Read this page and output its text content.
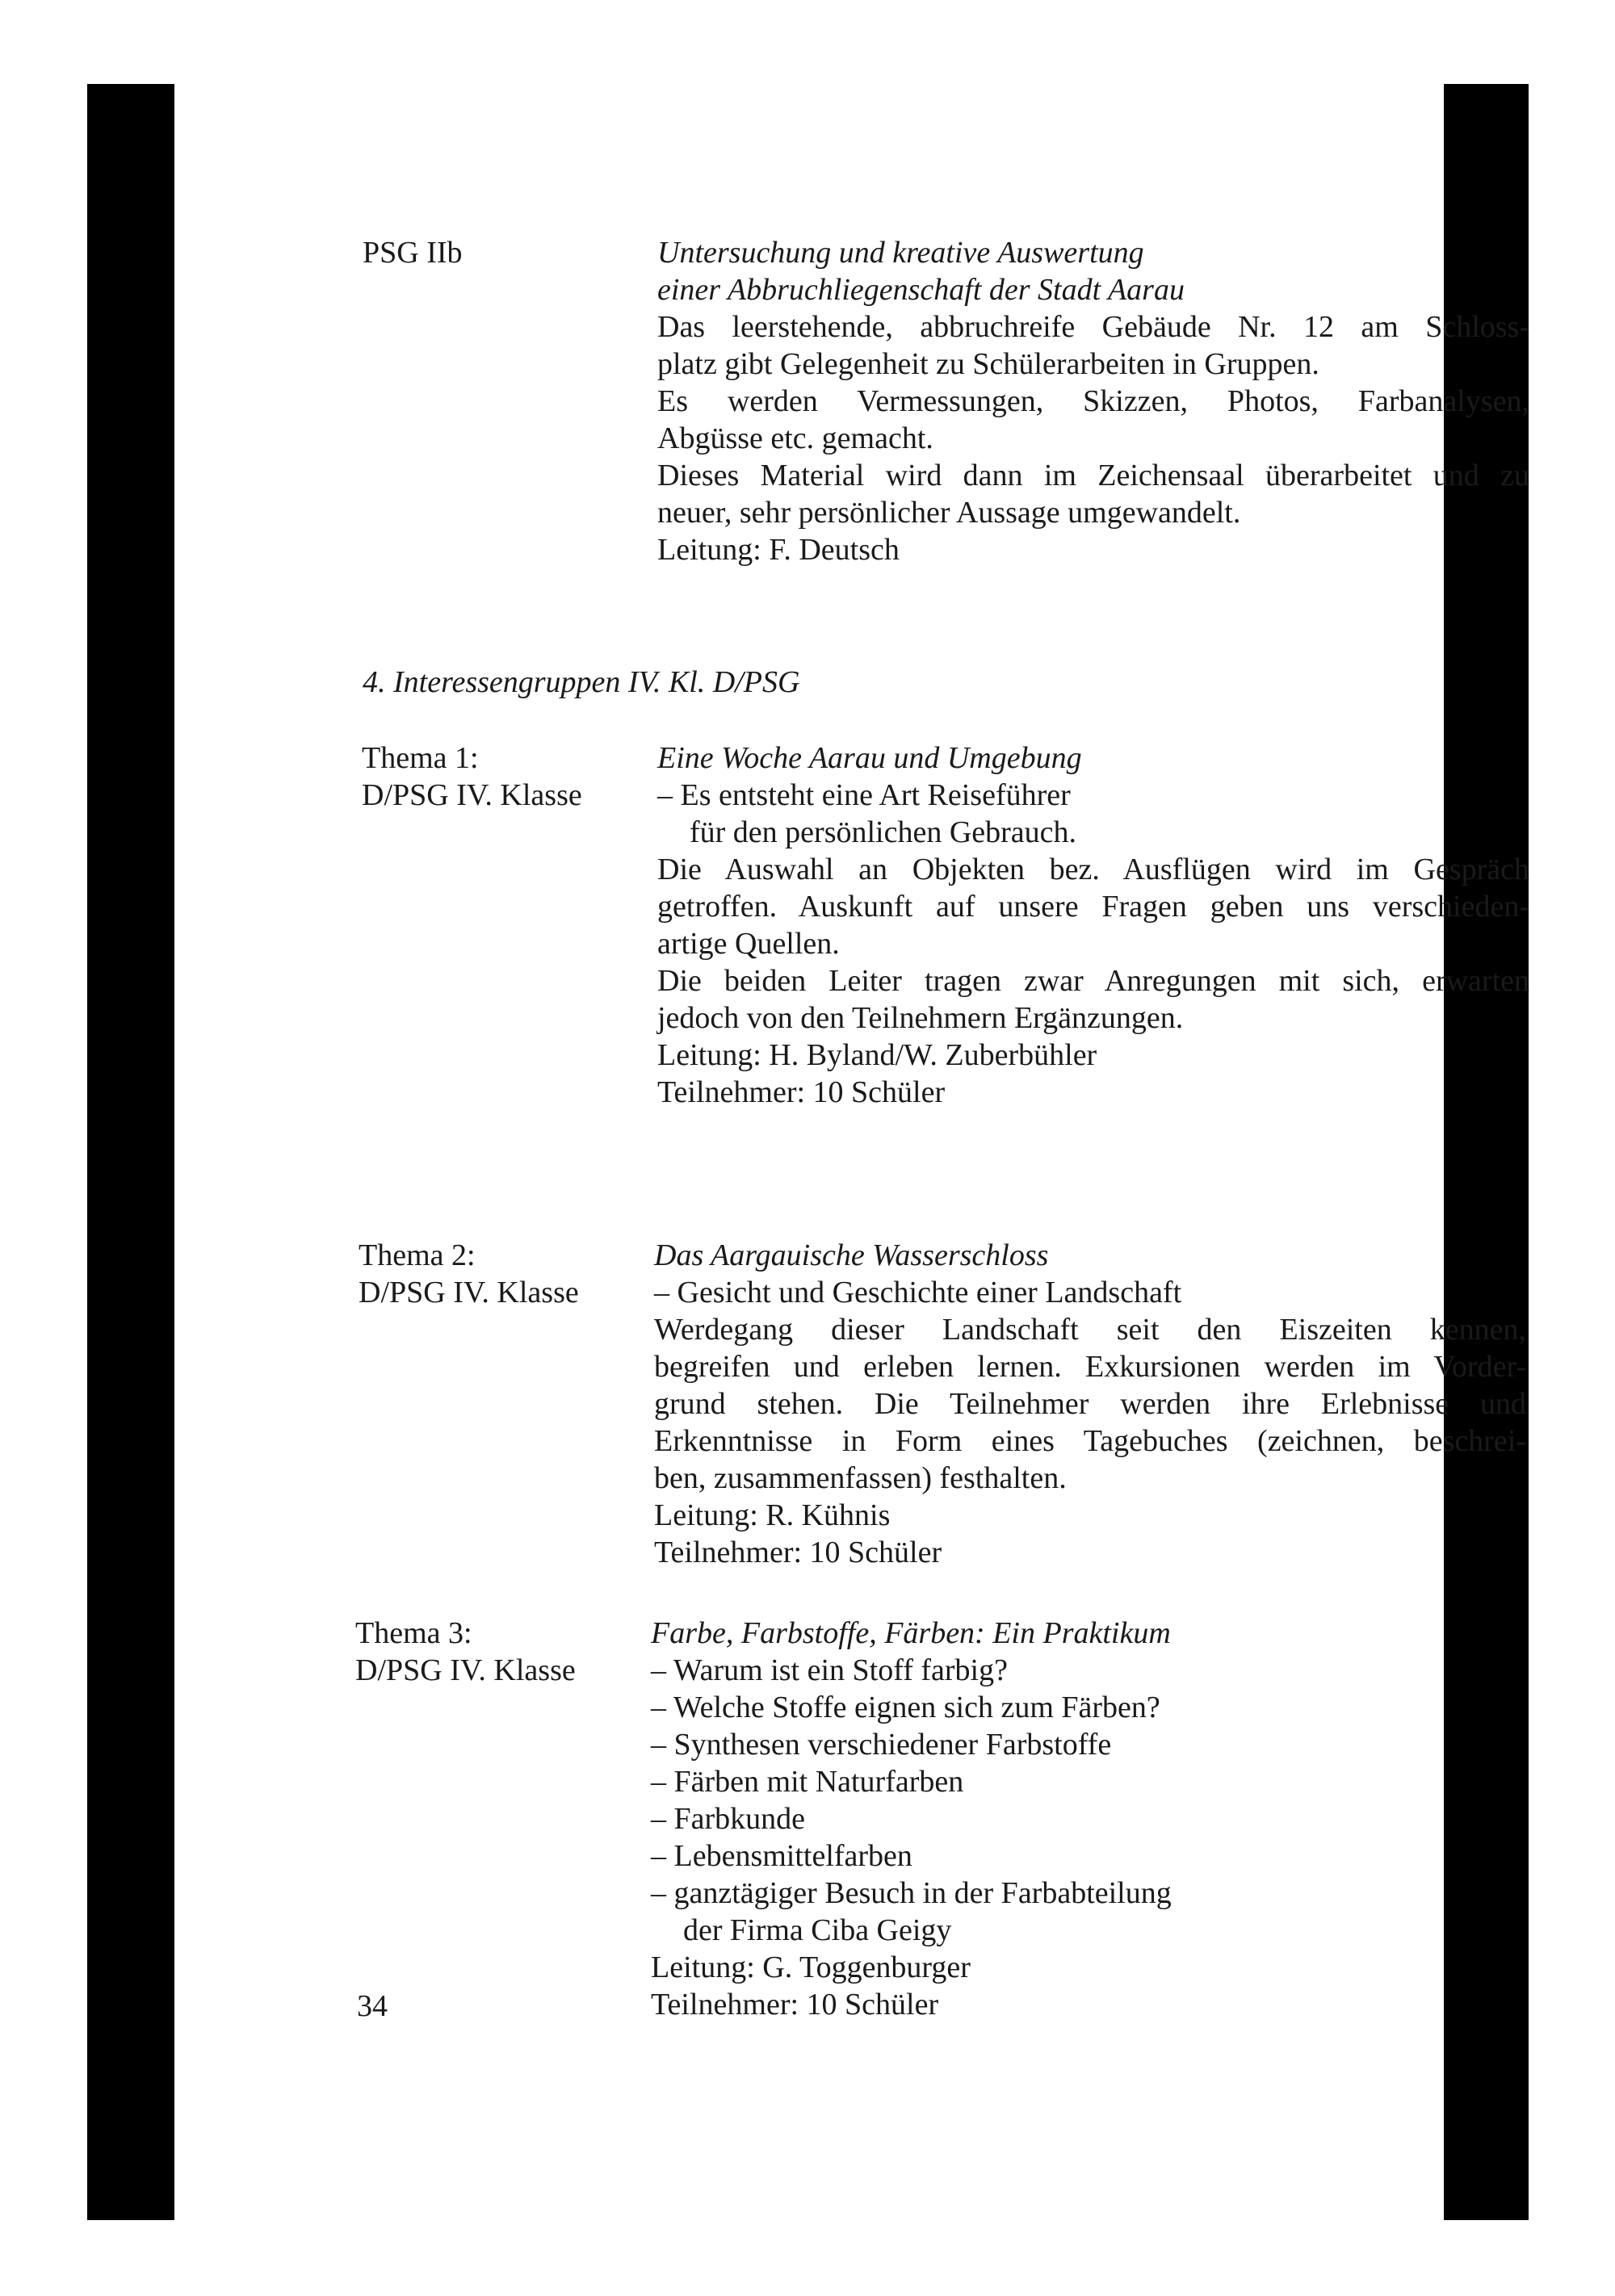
PSG IIb	Untersuchung und kreative Auswertung
einer Abbruchliegenschaft der Stadt Aarau
Das leerstehende, abbruchreife Gebäude Nr. 12 am Schloss-
platz gibt Gelegenheit zu Schülerarbeiten in Gruppen.
Es werden Vermessungen, Skizzen, Photos, Farbanalysen,
Abgüsse etc. gemacht.
Dieses Material wird dann im Zeichensaal überarbeitet und zu
neuer, sehr persönlicher Aussage umgewandelt.
Leitung: F. Deutsch
4. Interessengruppen IV. Kl. D/PSG
Thema 1:
D/PSG IV. Klasse
Eine Woche Aarau und Umgebung
– Es entsteht eine Art Reiseführer
für den persönlichen Gebrauch.
Die Auswahl an Objekten bez. Ausflügen wird im Gespräch
getroffen. Auskunft auf unsere Fragen geben uns verschieden-
artige Quellen.
Die beiden Leiter tragen zwar Anregungen mit sich, erwarten
jedoch von den Teilnehmern Ergänzungen.
Leitung: H. Byland/W. Zuberbühler
Teilnehmer: 10 Schüler
Thema 2:
D/PSG IV. Klasse
Das Aargauische Wasserschloss
– Gesicht und Geschichte einer Landschaft
Werdegang dieser Landschaft seit den Eiszeiten kennen,
begreifen und erleben lernen. Exkursionen werden im Vorder-
grund stehen. Die Teilnehmer werden ihre Erlebnisse und
Erkenntnisse in Form eines Tagebuches (zeichnen, beschrei-
ben, zusammenfassen) festhalten.
Leitung: R. Kühnis
Teilnehmer: 10 Schüler
Thema 3:
D/PSG IV. Klasse
Farbe, Farbstoffe, Färben: Ein Praktikum
– Warum ist ein Stoff farbig?
– Welche Stoffe eignen sich zum Färben?
– Synthesen verschiedener Farbstoffe
– Färben mit Naturfarben
– Farbkunde
– Lebensmittelfarben
– ganztägiger Besuch in der Farbabteilung
der Firma Ciba Geigy
Leitung: G. Toggenburger
Teilnehmer: 10 Schüler
34
